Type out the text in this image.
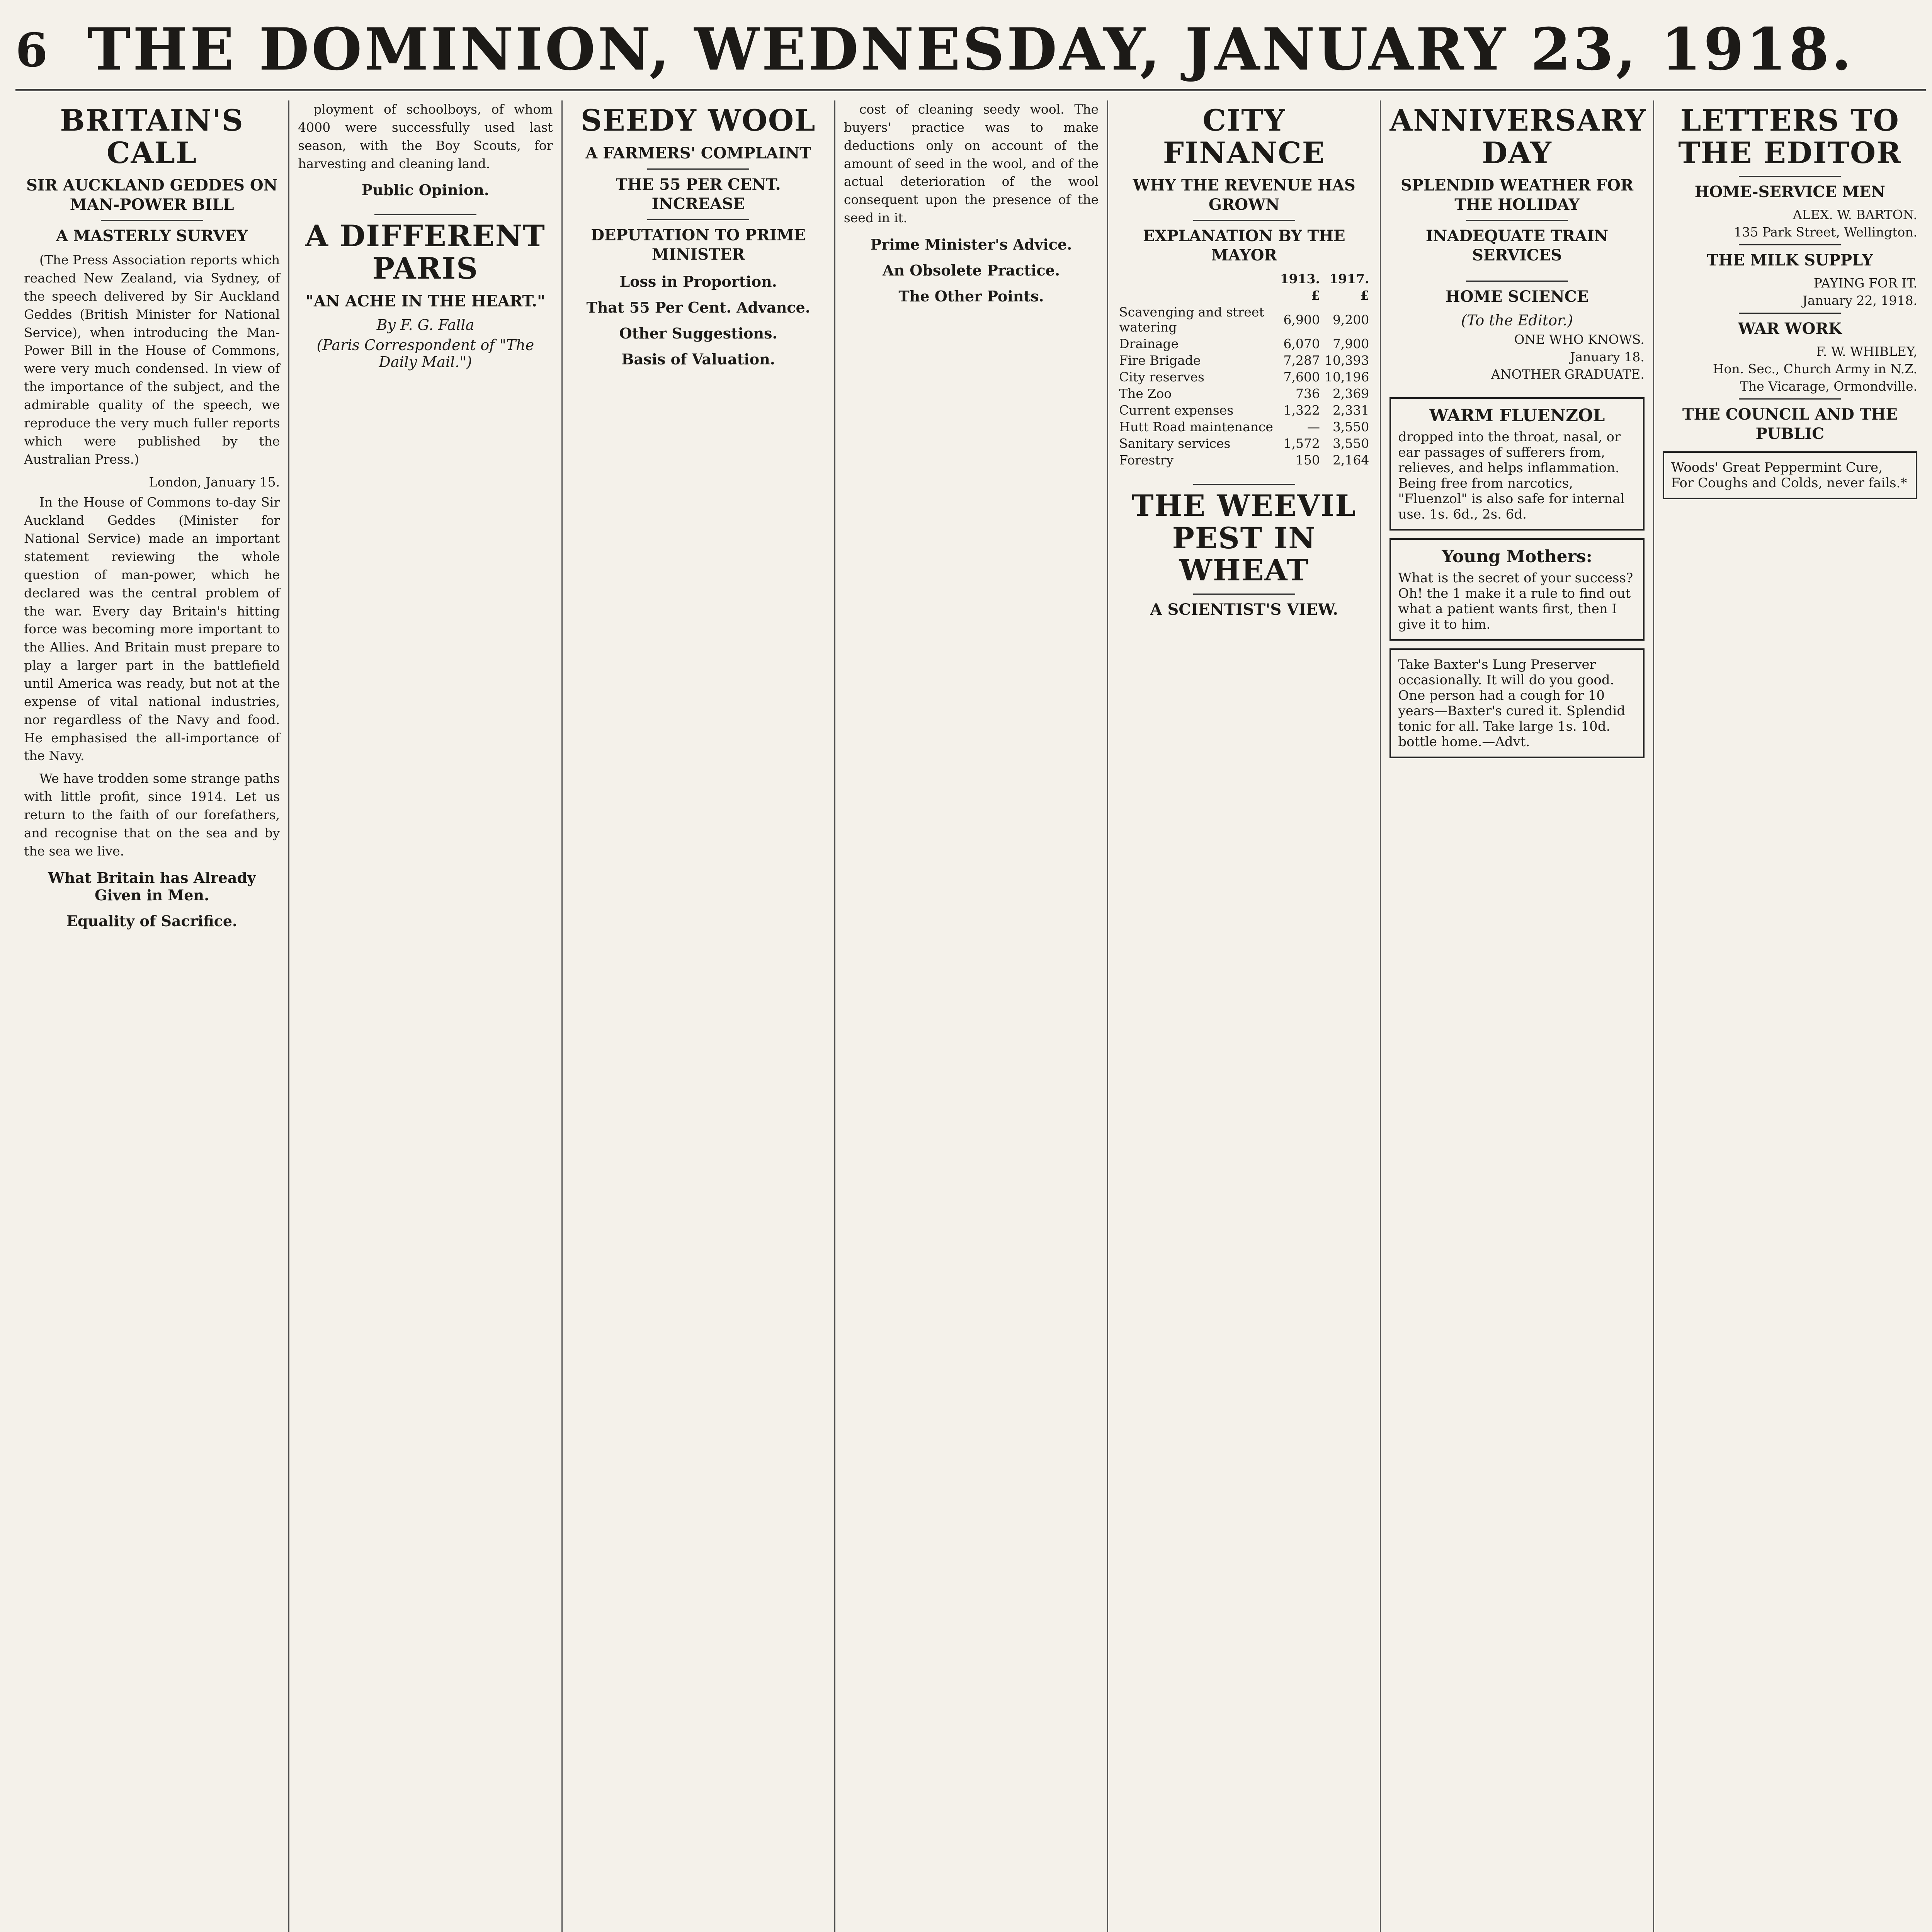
6 THE DOMINION, WEDNESDAY, JANUARY 23, 1918.
BRITAIN'S CALL
SIR AUCKLAND GEDDES ON MAN-POWER BILL
A MASTERLY SURVEY

(The Press Association reports which reached New Zealand, via Sydney, of the speech delivered by Sir Auckland Geddes (British Minister for National Service), when introducing the Man-Power Bill in the House of Commons, were very much condensed. In view of the importance of the subject, and the admirable quality of the speech, we reproduce the very much fuller reports which were published by the Australian Press.)

London, January 15.

In the House of Commons to-day Sir Auckland Geddes (Minister for National Service) made an important statement reviewing the whole question of man-power, which he declared was the central problem of the war. Every day Britain's hitting force was becoming more important to the Allies. And Britain must prepare to play a larger part in the battlefield until America was ready, but not at the expense of vital national industries, nor regardless of the Navy and food. He emphasised the all-importance of the Navy.

We have trodden some strange paths with little profit, since 1914. Let us return to the faith of our forefathers, and recognise that on the sea and by the sea we live.

What Britain has Already Given in Men.
Equality of Sacrifice.

ployment of schoolboys, of whom 4000 were successfully used last season, with the Boy Scouts, for harvesting and cleaning land.

Public Opinion.
A DIFFERENT PARIS
"AN ACHE IN THE HEART."
By F. G. Falla
(Paris Correspondent of "The Daily Mail.")
SEEDY WOOL
A FARMERS' COMPLAINT
THE 55 PER CENT. INCREASE
DEPUTATION TO PRIME MINISTER
Loss in Proportion.
That 55 Per Cent. Advance.
Other Suggestions.
Basis of Valuation.

cost of cleaning seedy wool. The buyers' practice was to make deductions only on account of the amount of seed in the wool, and of the actual deterioration of the wool consequent upon the presence of the seed in it.

Prime Minister's Advice.
An Obsolete Practice.
The Other Points.
CITY FINANCE
WHY THE REVENUE HAS GROWN
EXPLANATION BY THE MAYOR
	1913.	1917.
	£	£
Scavenging and street watering	6,900	9,200
Drainage	6,070	7,900
Fire Brigade	7,287	10,393
City reserves	7,600	10,196
The Zoo	736	2,369
Current expenses	1,322	2,331
Hutt Road maintenance	—	3,550
Sanitary services	1,572	3,550
Forestry	150	2,164
THE WEEVIL PEST IN WHEAT
A SCIENTIST'S VIEW.
ANNIVERSARY DAY
SPLENDID WEATHER FOR THE HOLIDAY
INADEQUATE TRAIN SERVICES
HOME SCIENCE
(To the Editor.)
ONE WHO KNOWS.
January 18.
ANOTHER GRADUATE.
WARM FLUENZOL
dropped into the throat, nasal, or ear passages of sufferers from, relieves, and helps inflammation. Being free from narcotics, "Fluenzol" is also safe for internal use. 1s. 6d., 2s. 6d.
Young Mothers:
What is the secret of your success? Oh! the 1 make it a rule to find out what a patient wants first, then I give it to him.
Take Baxter's Lung Preserver occasionally. It will do you good. One person had a cough for 10 years—Baxter's cured it. Splendid tonic for all. Take large 1s. 10d. bottle home.—Advt.
LETTERS TO THE EDITOR
HOME-SERVICE MEN
ALEX. W. BARTON.
135 Park Street, Wellington.
THE MILK SUPPLY
PAYING FOR IT.
January 22, 1918.
WAR WORK
F. W. WHIBLEY,
Hon. Sec., Church Army in N.Z.
The Vicarage, Ormondville.
THE COUNCIL AND THE PUBLIC
Woods' Great Peppermint Cure, For Coughs and Colds, never fails.*
